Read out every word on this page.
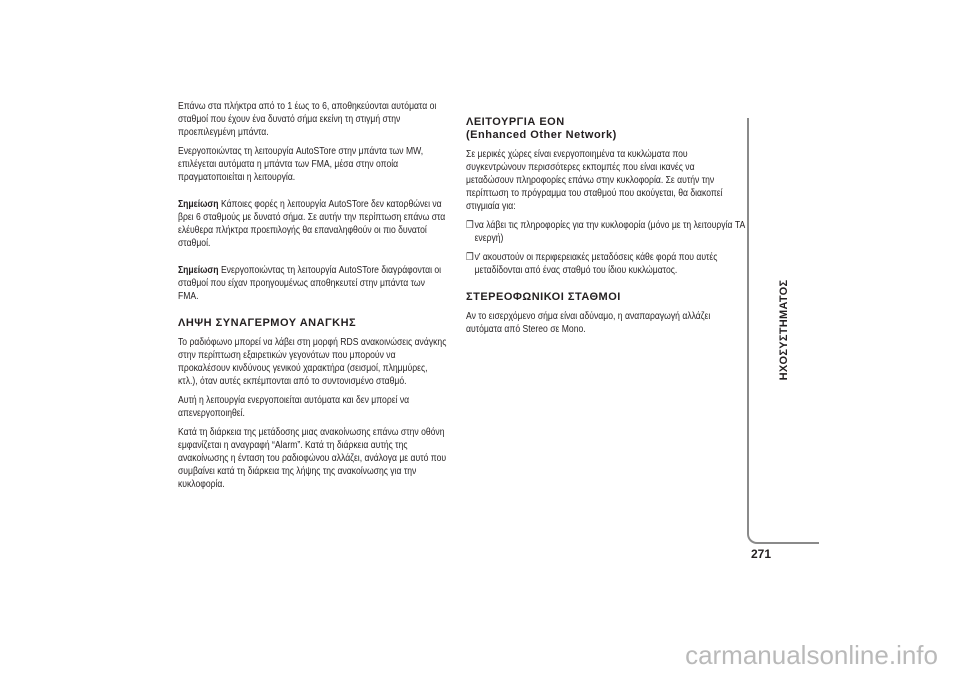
Επάνω στα πλήκτρα από το 1 έως το 6, αποθηκεύονται αυτόματα οι σταθμοί που έχουν ένα δυνατό σήμα εκείνη τη στιγμή στην προεπιλεγμένη μπάντα.

Ενεργοποιώντας τη λειτουργία AutoSTore στην μπάντα των MW, επιλέγεται αυτόματα η μπάντα των FMA, μέσα στην οποία πραγματοποιείται η λειτουργία.

Σημείωση Κάποιες φορές η λειτουργία AutoSTore δεν κατορθώνει να βρει 6 σταθμούς με δυνατό σήμα. Σε αυτήν την περίπτωση επάνω στα ελέυθερα πλήκτρα προεπιλογής θα επαναληφθούν οι πιο δυνατοί σταθμοί.

Σημείωση Ενεργοποιώντας τη λειτουργία AutoSTore διαγράφονται οι σταθμοί που είχαν προηγουμένως αποθηκευτεί στην μπάντα των FMA.

ΛΗΨΗ ΣΥΝΑΓΕΡΜΟΥ ΑΝΑΓΚΗΣ

Το ραδιόφωνο μπορεί να λάβει στη μορφή RDS ανακοινώσεις ανάγκης στην περίπτωση εξαιρετικών γεγονότων που μπορούν να προκαλέσουν κινδύνους γενικού χαρακτήρα (σεισμοί, πλημμύρες, κτλ.), όταν αυτές εκπέμπονται από το συντονισμένο σταθμό.

Αυτή η λειτουργία ενεργοποιείται αυτόματα και δεν μπορεί να απενεργοποιηθεί.

Κατά τη διάρκεια της μετάδοσης μιας ανακοίνωσης επάνω στην οθόνη εμφανίζεται η αναγραφή “Alarm”. Κατά τη διάρκεια αυτής της ανακοίνωσης η ένταση του ραδιοφώνου αλλάζει, ανάλογα με αυτό που συμβαίνει κατά τη διάρκεια της λήψης της ανακοίνωσης για την κυκλοφορία.

ΛΕΙΤΟΥΡΓΙΑ EON
(Enhanced Other Network)

Σε μερικές χώρες είναι ενεργοποιημένα τα κυκλώματα που συγκεντρώνουν περισσότερες εκπομπές που είναι ικανές να μεταδώσουν πληροφορίες επάνω στην κυκλοφορία. Σε αυτήν την περίπτωση το πρόγραμμα του σταθμού που ακούγεται, θα διακοπεί στιγμιαία για:

❒ να λάβει τις πληροφορίες για την κυκλοφορία (μόνο με τη λειτουργία TA ενεργή)

❒ ν' ακουστούν οι περιφερειακές μεταδόσεις κάθε φορά που αυτές μεταδίδονται από ένας σταθμό του ίδιου κυκλώματος.

ΣΤΕΡΕΟΦΩΝΙΚΟΙ ΣΤΑΘΜΟΙ

Αν το εισερχόμενο σήμα είναι αδύναμο, η αναπαραγωγή αλλάζει αυτόματα από Stereo σε Mono.	ΗΧΟΣΥΣΤΗΜΑΤΟΣ
271
carmanualsonline.info
